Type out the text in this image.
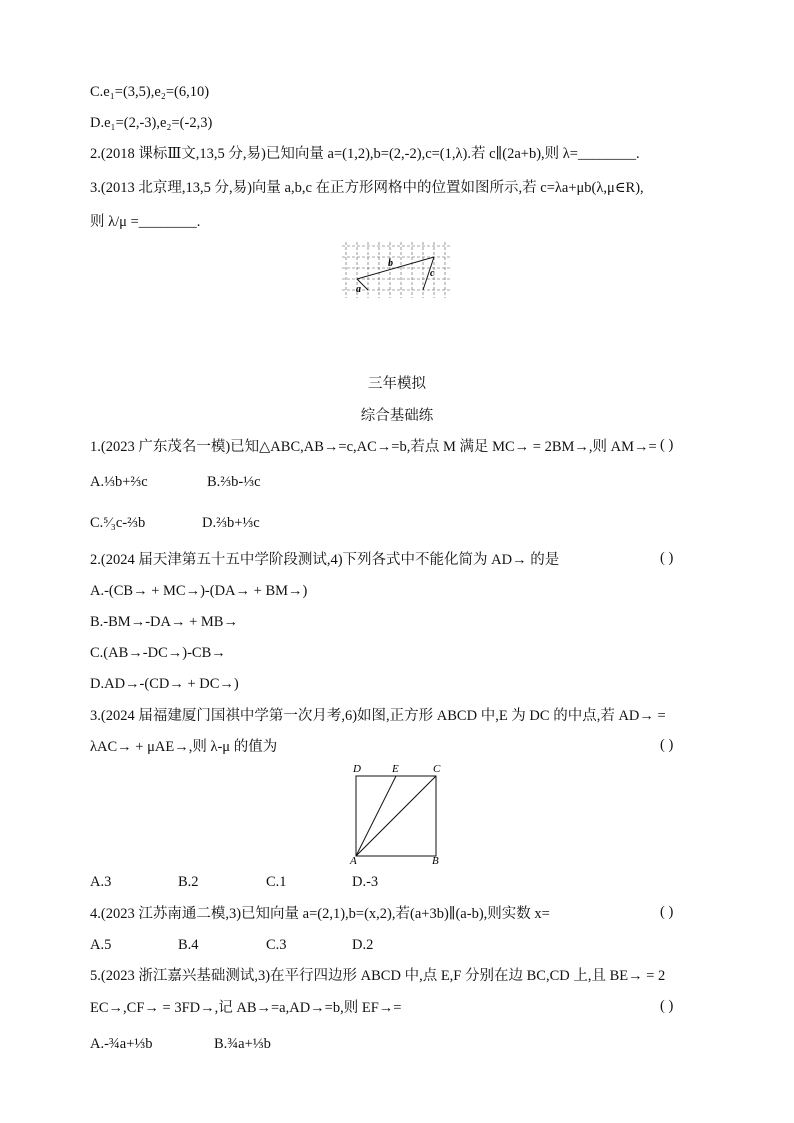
C.e₁=(3,5),e₂=(6,10)
D.e₁=(2,-3),e₂=(-2,3)
2.(2018 课标Ⅲ文,13,5 分,易)已知向量 a=(1,2),b=(2,-2),c=(1,λ).若 c∥(2a+b),则 λ=________.
3.(2013 北京理,13,5 分,易)向量 a,b,c 在正方形网格中的位置如图所示,若 c=λa+μb(λ,μ∈R),
则 λ/μ =________.
b
c
a
三年模拟
综合基础练
1.(2023 广东茂名一模)已知△ABC,AB→=c,AC→=b,若点 M 满足 MC→ = 2BM→,则 AM→= ( )
A.⅓b+⅔c	B.⅔b-⅓c
C.⁵⁄₃c-⅔b	D.⅔b+⅓c
2.(2024 届天津第五十五中学阶段测试,4)下列各式中不能化简为 AD→ 的是	( )
A.-(CB→ + MC→)-(DA→ + BM→)
B.-BM→-DA→ + MB→
C.(AB→-DC→)-CB→
D.AD→-(CD→ + DC→)
3.(2024 届福建厦门国祺中学第一次月考,6)如图,正方形 ABCD 中,E 为 DC 的中点,若 AD→ =
λAC→ + μAE→,则 λ-μ 的值为	( )
D	E	C
A	B
A.3	B.2	C.1	D.-3
4.(2023 江苏南通二模,3)已知向量 a=(2,1),b=(x,2),若(a+3b)∥(a-b),则实数 x=	( )
A.5	B.4	C.3	D.2
5.(2023 浙江嘉兴基础测试,3)在平行四边形 ABCD 中,点 E,F 分别在边 BC,CD 上,且 BE→ = 2
EC→,CF→ = 3FD→,记 AB→=a,AD→=b,则 EF→=	( )
A.-¾a+⅓b	B.¾a+⅓b
